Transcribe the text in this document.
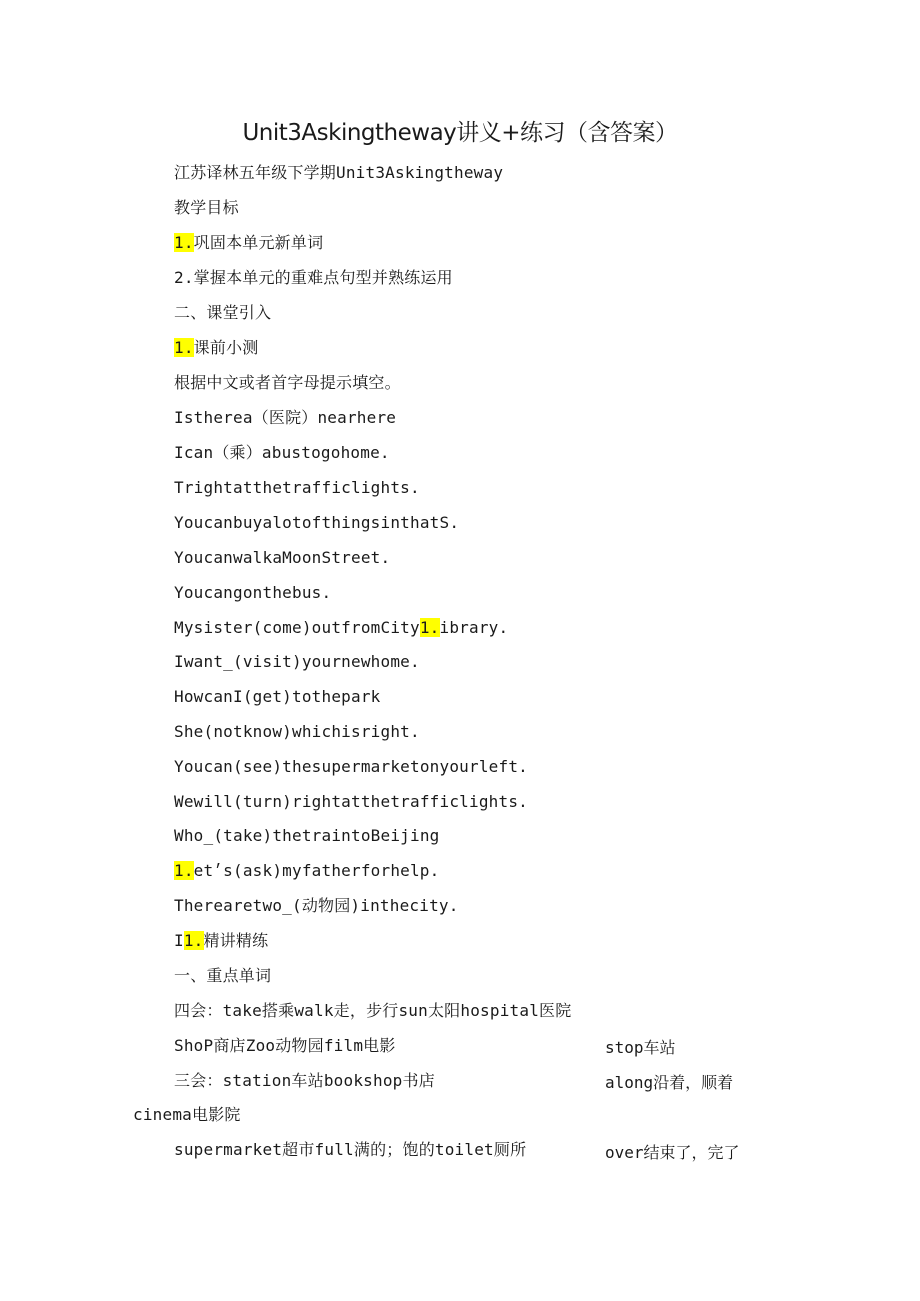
Unit3Askingtheway讲义+练习（含答案）
江苏译林五年级下学期Unit3Askingtheway
教学目标
1.巩固本单元新单词
2.掌握本单元的重难点句型并熟练运用
二、课堂引入
1.课前小测
根据中文或者首字母提示填空。
Istherea（医院）nearhere
Ican（乘）abustogohome.
Trightatthetrafficlights.
YoucanbuyalotofthingsinthatS.
YoucanwalkaMoonStreet.
Youcangonthebus.
Mysister(come)outfromCity1.ibrary.
Iwant_(visit)yournewhome.
HowcanI(get)tothepark
She(notknow)whichisright.
Youcan(see)thesupermarketonyourleft.
Wewill(turn)rightatthetrafficlights.
Who_(take)thetraintoBeijing
1.et׳s(ask)myfatherforhelp.
Therearetwo_(动物园)inthecity.
I1.精讲精练
一、重点单词
四会：take搭乘walk走，步行sun太阳hospital医院
ShoP商店Zoo动物园film电影	stop车站
三会：station车站bookshop书店	along沿着，顺着
cinema电影院
supermarket超市full满的；饱的toilet厕所	over结束了，完了
